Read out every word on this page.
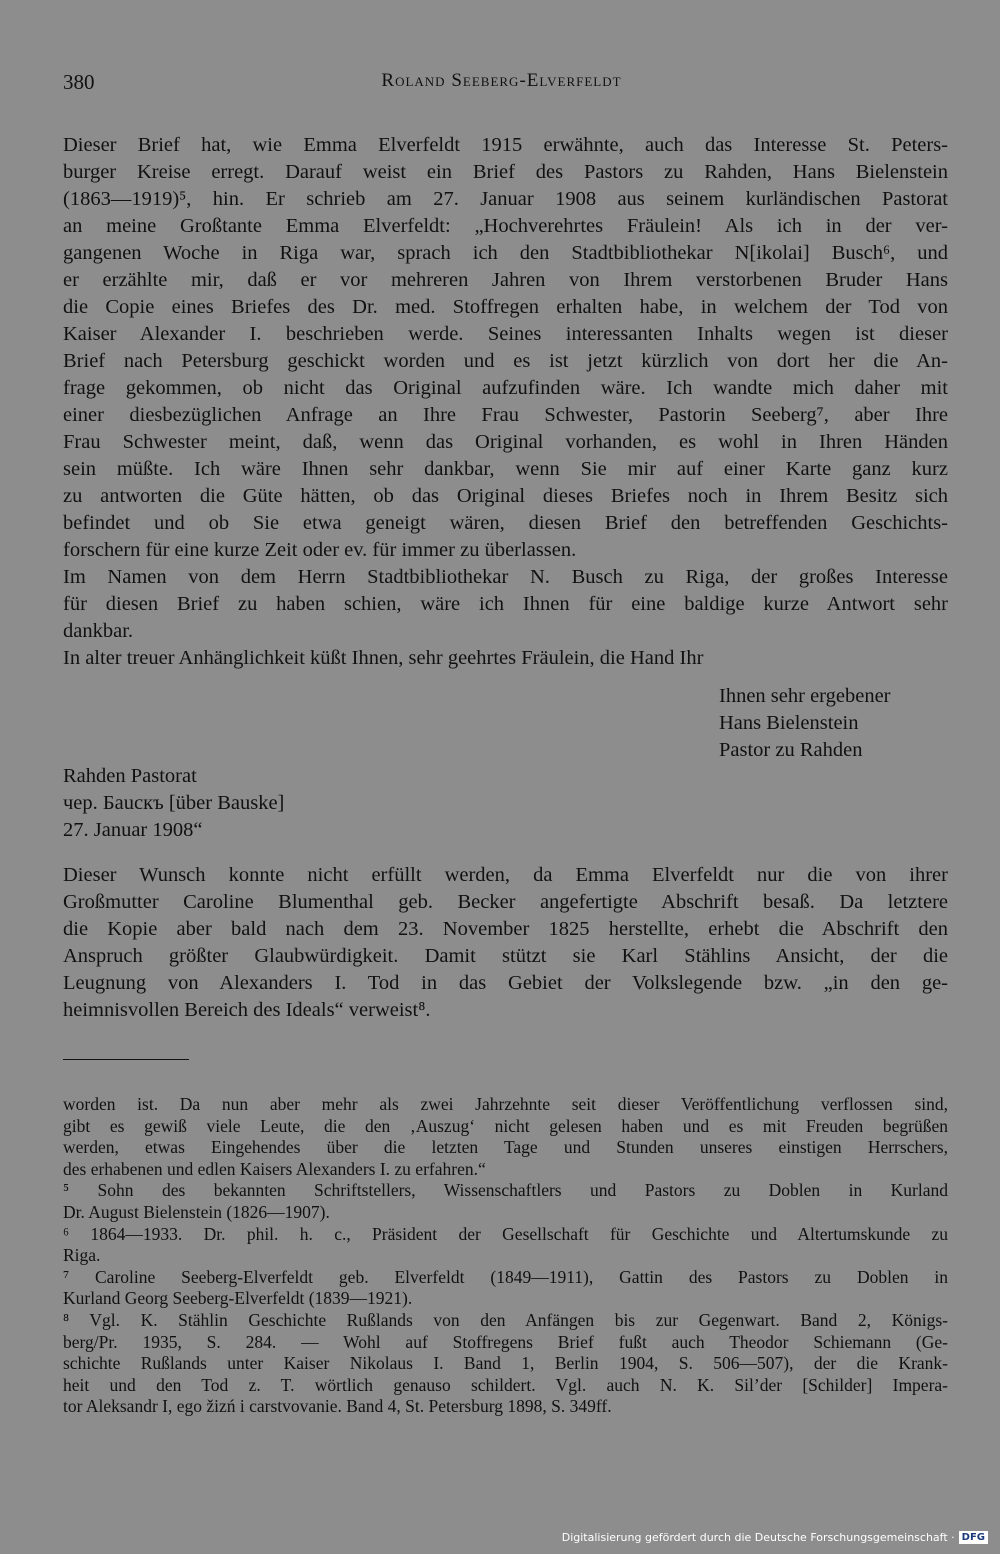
380	Roland Seeberg-Elverfeldt
Dieser Brief hat, wie Emma Elverfeldt 1915 erwähnte, auch das Interesse St. Peters-
burger Kreise erregt. Darauf weist ein Brief des Pastors zu Rahden, Hans Bielenstein
(1863—1919)⁵, hin. Er schrieb am 27. Januar 1908 aus seinem kurländischen Pastorat
an meine Großtante Emma Elverfeldt: „Hochverehrtes Fräulein! Als ich in der ver-
gangenen Woche in Riga war, sprach ich den Stadtbibliothekar N[ikolai] Busch⁶, und
er erzählte mir, daß er vor mehreren Jahren von Ihrem verstorbenen Bruder Hans
die Copie eines Briefes des Dr. med. Stoffregen erhalten habe, in welchem der Tod von
Kaiser Alexander I. beschrieben werde. Seines interessanten Inhalts wegen ist dieser
Brief nach Petersburg geschickt worden und es ist jetzt kürzlich von dort her die An-
frage gekommen, ob nicht das Original aufzufinden wäre. Ich wandte mich daher mit
einer diesbezüglichen Anfrage an Ihre Frau Schwester, Pastorin Seeberg⁷, aber Ihre
Frau Schwester meint, daß, wenn das Original vorhanden, es wohl in Ihren Händen
sein müßte. Ich wäre Ihnen sehr dankbar, wenn Sie mir auf einer Karte ganz kurz
zu antworten die Güte hätten, ob das Original dieses Briefes noch in Ihrem Besitz sich
befindet und ob Sie etwa geneigt wären, diesen Brief den betreffenden Geschichts-
forschern für eine kurze Zeit oder ev. für immer zu überlassen.
Im Namen von dem Herrn Stadtbibliothekar N. Busch zu Riga, der großes Interesse
für diesen Brief zu haben schien, wäre ich Ihnen für eine baldige kurze Antwort sehr
dankbar.
In alter treuer Anhänglichkeit küßt Ihnen, sehr geehrtes Fräulein, die Hand Ihr
Ihnen sehr ergebener
Hans Bielenstein
Pastor zu Rahden
Rahden Pastorat
чер. Бauскъ [über Bauske]
27. Januar 1908“
Dieser Wunsch konnte nicht erfüllt werden, da Emma Elverfeldt nur die von ihrer
Großmutter Caroline Blumenthal geb. Becker angefertigte Abschrift besaß. Da letztere
die Kopie aber bald nach dem 23. November 1825 herstellte, erhebt die Abschrift den
Anspruch größter Glaubwürdigkeit. Damit stützt sie Karl Stählins Ansicht, der die
Leugnung von Alexanders I. Tod in das Gebiet der Volkslegende bzw. „in den ge-
heimnisvollen Bereich des Ideals“ verweist⁸.
worden ist. Da nun aber mehr als zwei Jahrzehnte seit dieser Veröffentlichung verflossen sind,
gibt es gewiß viele Leute, die den ‚Auszug‘ nicht gelesen haben und es mit Freuden begrüßen
werden, etwas Eingehendes über die letzten Tage und Stunden unseres einstigen Herrschers,
des erhabenen und edlen Kaisers Alexanders I. zu erfahren.“
⁵ Sohn des bekannten Schriftstellers, Wissenschaftlers und Pastors zu Doblen in Kurland
Dr. August Bielenstein (1826—1907).
⁶ 1864—1933. Dr. phil. h. c., Präsident der Gesellschaft für Geschichte und Altertumskunde zu
Riga.
⁷ Caroline Seeberg-Elverfeldt geb. Elverfeldt (1849—1911), Gattin des Pastors zu Doblen in
Kurland Georg Seeberg-Elverfeldt (1839—1921).
⁸ Vgl. K. Stählin Geschichte Rußlands von den Anfängen bis zur Gegenwart. Band 2, Königs-
berg/Pr. 1935, S. 284. — Wohl auf Stoffregens Brief fußt auch Theodor Schiemann (Ge-
schichte Rußlands unter Kaiser Nikolaus I. Band 1, Berlin 1904, S. 506—507), der die Krank-
heit und den Tod z. T. wörtlich genauso schildert. Vgl. auch N. K. Sil’der [Schilder] Impera-
tor Aleksandr I, ego žizń i carstvovanie. Band 4, St. Petersburg 1898, S. 349ff.
Digitalisierung gefördert durch die Deutsche Forschungsgemeinschaft · DFG
